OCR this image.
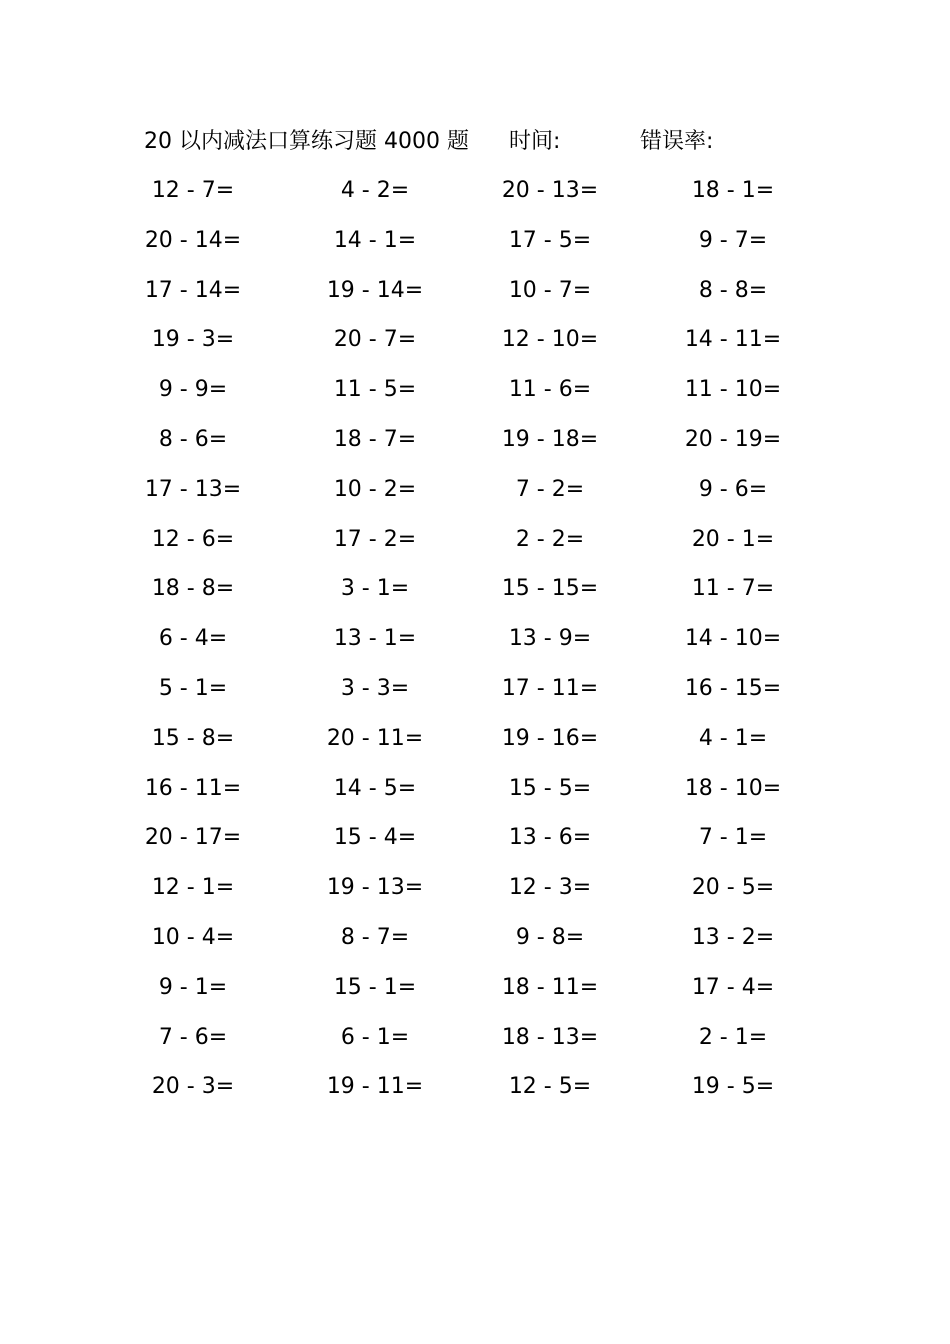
20 以内减法口算练习题 4000 题 时间:	错误率:
12 - 7=	4 - 2=	20 - 13=	18 - 1=
20 - 14=	14 - 1=	17 - 5=	9 - 7=
17 - 14=	19 - 14=	10 - 7=	8 - 8=
19 - 3=	20 - 7=	12 - 10=	14 - 11=
9 - 9=	11 - 5=	11 - 6=	11 - 10=
8 - 6=	18 - 7=	19 - 18=	20 - 19=
17 - 13=	10 - 2=	7 - 2=	9 - 6=
12 - 6=	17 - 2=	2 - 2=	20 - 1=
18 - 8=	3 - 1=	15 - 15=	11 - 7=
6 - 4=	13 - 1=	13 - 9=	14 - 10=
5 - 1=	3 - 3=	17 - 11=	16 - 15=
15 - 8=	20 - 11=	19 - 16=	4 - 1=
16 - 11=	14 - 5=	15 - 5=	18 - 10=
20 - 17=	15 - 4=	13 - 6=	7 - 1=
12 - 1=	19 - 13=	12 - 3=	20 - 5=
10 - 4=	8 - 7=	9 - 8=	13 - 2=
9 - 1=	15 - 1=	18 - 11=	17 - 4=
7 - 6=	6 - 1=	18 - 13=	2 - 1=
20 - 3=	19 - 11=	12 - 5=	19 - 5=
